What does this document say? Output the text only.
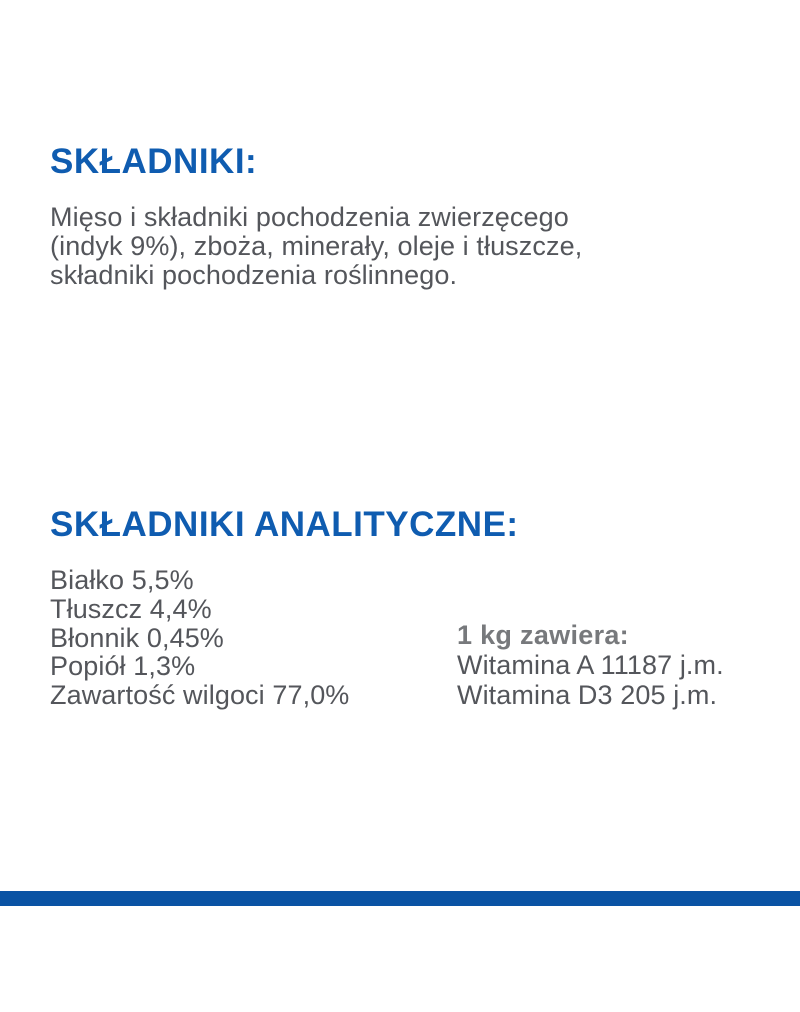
SKŁADNIKI:
Mięso i składniki pochodzenia zwierzęcego
(indyk 9%), zboża, minerały, oleje i tłuszcze,
składniki pochodzenia roślinnego.
SKŁADNIKI ANALITYCZNE:
Białko 5,5%
Tłuszcz 4,4%
Błonnik 0,45%
Popiół 1,3%
Zawartość wilgoci 77,0%
1 kg zawiera:
Witamina A 11187 j.m.
Witamina D3 205 j.m.
